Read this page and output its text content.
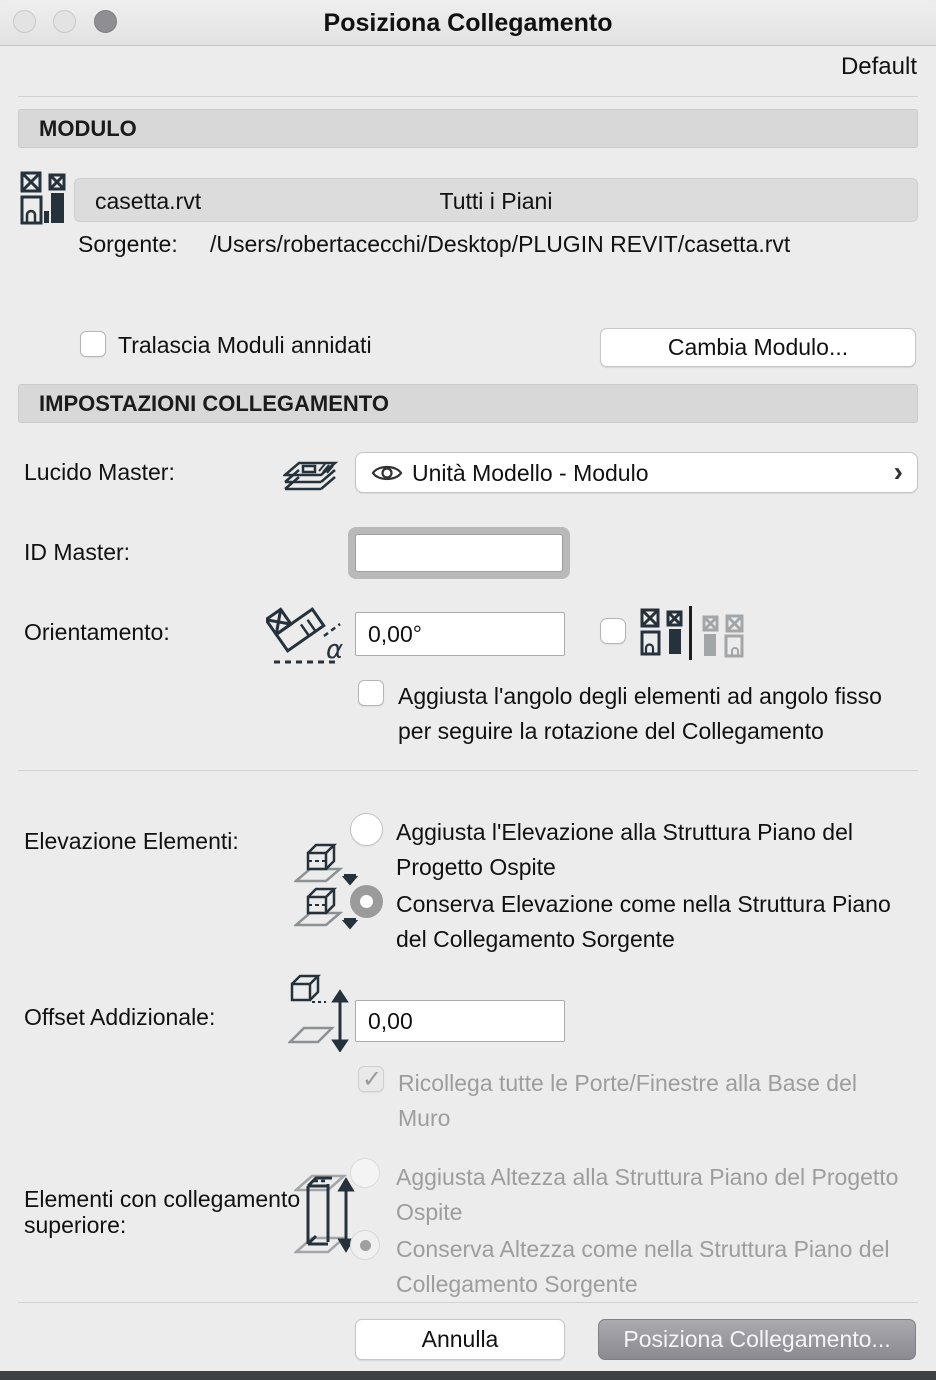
Posiziona Collegamento
Default
MODULO
casetta.rvt	Tutti i Piani
Sorgente: /Users/robertacecchi/Desktop/PLUGIN REVIT/casetta.rvt
Tralascia Moduli annidati	Cambia Modulo...
IMPOSTAZIONI COLLEGAMENTO
Lucido Master:	Unità Modello - Modulo
›
ID Master:
Orientamento:
α
0,00°
Aggiusta l'angolo degli elementi ad angolo fisso per seguire la rotazione del Collegamento
Elevazione Elementi:	Aggiusta l'Elevazione alla Struttura Piano del Progetto Ospite
Conserva Elevazione come nella Struttura Piano del Collegamento Sorgente
Offset Addizionale:
0,00
✓
Ricollega tutte le Porte/Finestre alla Base del Muro
Elementi con collegamento superiore:
Aggiusta Altezza alla Struttura Piano del Progetto Ospite
Conserva Altezza come nella Struttura Piano del Collegamento Sorgente
Annulla	Posiziona Collegamento...
